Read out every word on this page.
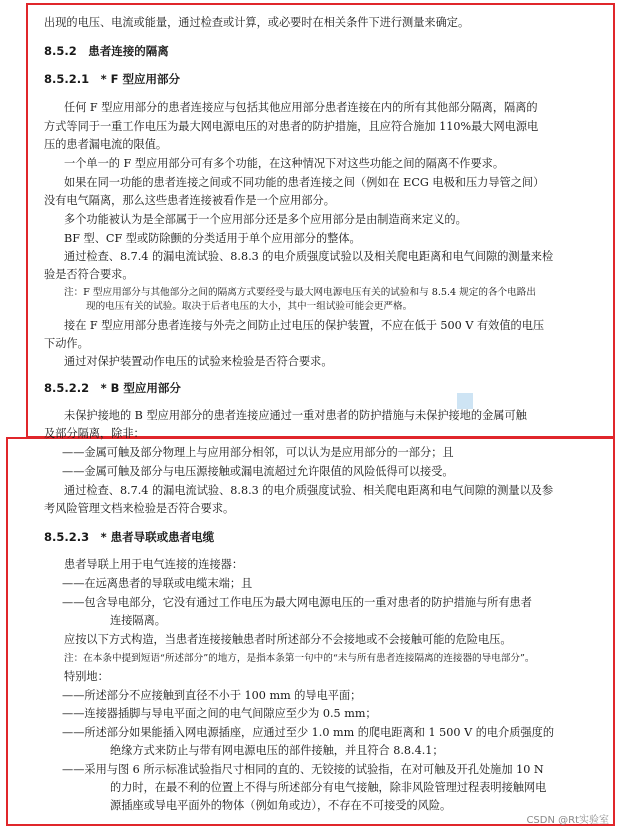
出现的电压、电流或能量，通过检查或计算，或必要时在相关条件下进行测量来确定。
8.5.2　患者连接的隔离
8.5.2.1　* F 型应用部分
任何 F 型应用部分的患者连接应与包括其他应用部分患者连接在内的所有其他部分隔离，隔离的
方式等同于一重工作电压为最大网电源电压的对患者的防护措施，且应符合施加 110%最大网电源电
压的患者漏电流的限值。
一个单一的 F 型应用部分可有多个功能，在这种情况下对这些功能之间的隔离不作要求。
如果在同一功能的患者连接之间或不同功能的患者连接之间（例如在 ECG 电极和压力导管之间）
没有电气隔离，那么这些患者连接被看作是一个应用部分。
多个功能被认为是全部属于一个应用部分还是多个应用部分是由制造商来定义的。
BF 型、CF 型或防除颤的分类适用于单个应用部分的整体。
通过检查、8.7.4 的漏电流试验、8.8.3 的电介质强度试验以及相关爬电距离和电气间隙的测量来检
验是否符合要求。
注：F 型应用部分与其他部分之间的隔离方式要经受与最大网电源电压有关的试验和与 8.5.4 规定的各个电路出
现的电压有关的试验。取决于后者电压的大小，其中一组试验可能会更严格。
接在 F 型应用部分患者连接与外壳之间防止过电压的保护装置，不应在低于 500 V 有效值的电压
下动作。
通过对保护装置动作电压的试验来检验是否符合要求。
8.5.2.2　* B 型应用部分
未保护接地的 B 型应用部分的患者连接应通过一重对患者的防护措施与未保护接地的金属可触
及部分隔离，除非：
——金属可触及部分物理上与应用部分相邻，可以认为是应用部分的一部分；且
——金属可触及部分与电压源接触或漏电流超过允许限值的风险低得可以接受。
通过检查、8.7.4 的漏电流试验、8.8.3 的电介质强度试验、相关爬电距离和电气间隙的测量以及参
考风险管理文档来检验是否符合要求。
8.5.2.3　* 患者导联或患者电缆
患者导联上用于电气连接的连接器：
——在远离患者的导联或电缆末端；且
——包含导电部分，它没有通过工作电压为最大网电源电压的一重对患者的防护措施与所有患者
连接隔离。
应按以下方式构造，当患者连接接触患者时所述部分不会接地或不会接触可能的危险电压。
注：在本条中提到短语“所述部分”的地方，是指本条第一句中的“未与所有患者连接隔离的连接器的导电部分”。
特别地：
——所述部分不应接触到直径不小于 100 mm 的导电平面；
——连接器插脚与导电平面之间的电气间隙应至少为 0.5 mm；
——所述部分如果能插入网电源插座，应通过至少 1.0 mm 的爬电距离和 1 500 V 的电介质强度的
绝缘方式来防止与带有网电源电压的部件接触，并且符合 8.8.4.1；
——采用与图 6 所示标准试验指尺寸相同的直的、无铰接的试验指，在对可触及开孔处施加 10 N
的力时，在最不利的位置上不得与所述部分有电气接触，除非风险管理过程表明接触网电
源插座或导电平面外的物体（例如角或边），不存在不可接受的风险。
CSDN @Rt实验室
